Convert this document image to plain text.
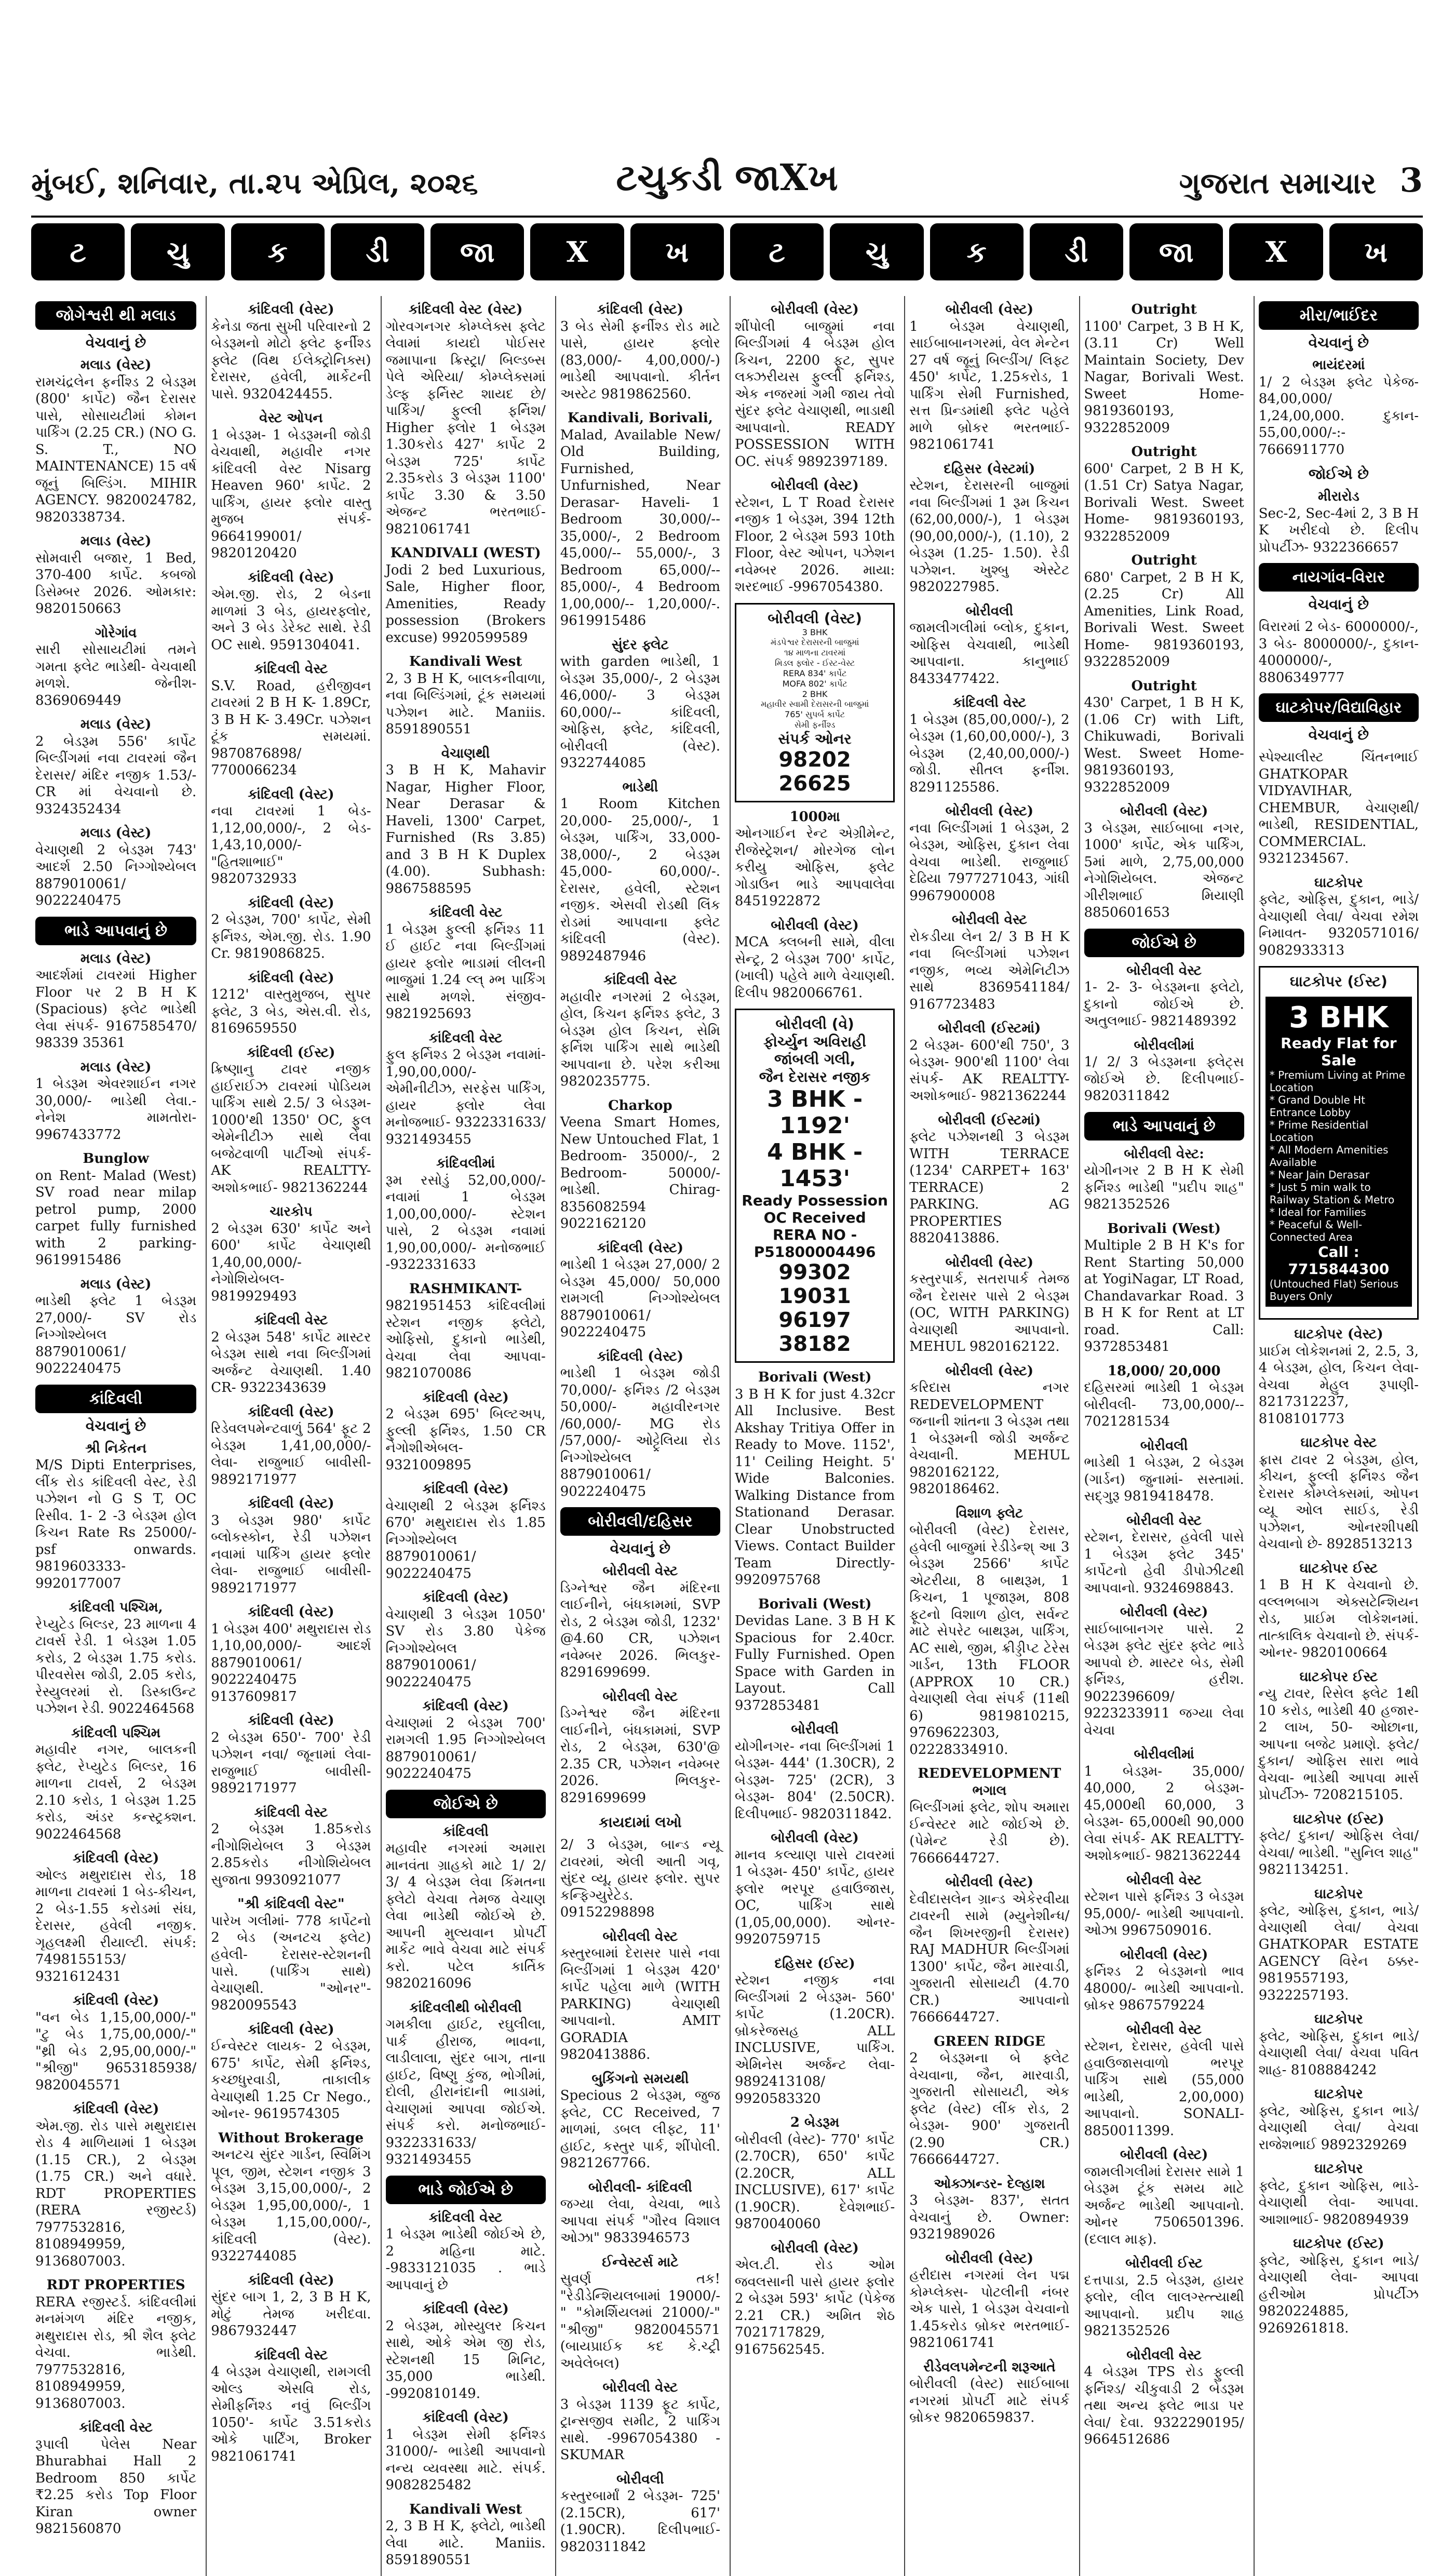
મુંબઈ, શનિવાર, તા.૨૫ એપ્રિલ, ૨૦૨૬	ટચુકડી જાXખ	ગુજરાત સમાચાર 3
ટ	ચુ	ક	ડી	જા	X	ખ	ટ	ચુ	ક	ડી	જા	X	ખ
જોગેશ્વરી થી મલાડ
વેચવાનું છે
મલાડ (વેસ્ટ)
રામચંદ્રલેન ફર્નીશ્ડ 2 બેડરૂમ (800' કાર્પેટ) જૈન દેરાસર પાસે, સોસાયટીમાં કોમન પાર્કિંગ (2.25 CR.) (NO G. S. T., NO MAINTENANCE) 15 વર્ષ જૂનું બિલ્ડિંગ. MIHIR AGENCY. 9820024782, 9820338734.
મલાડ (વેસ્ટ)
સોમવારી બજાર, 1 Bed, 370-400 કાર્પેટ. કબજો ડિસેમ્બર 2026. ઓમકાર: 9820150663
ગોરેગાંવ
સારી સોસાયટીમાં તમને ગમતા ફ્લેટ ભાડેથી- વેચવાથી મળશે. જેનીશ- 8369069449
મલાડ (વેસ્ટ)
2 બેડરૂમ 556' કાર્પેટ બિલ્ડીંગમાં નવા ટાવરમાં જૈન દેરાસર/ મંદિર નજીક 1.53/-CR માં વેચવાનો છે. 9324352434
મલાડ (વેસ્ટ)
વેચાણથી 2 બેડરૂમ 743' આદર્શ 2.50 નિગ્ગોશ્યેબલ 8879010061/ 9022240475
ભાડે આપવાનું છે
મલાડ (વેસ્ટ)
આદર્શમાં ટાવરમાં Higher Floor પર 2 B H K (Spacious) ફ્લેટ ભાડેથી લેવા સંપર્ક- 9167585470/ 98339 35361
મલાડ (વેસ્ટ)
1 બેડરૂમ એવરશાઈન નગર 30,000/- ભાડેથી લેવા.- નેનેશ મામતોરા- 9967433772
Bunglow
on Rent- Malad (West) SV road near milap petrol pump, 2000 carpet fully furnished with 2 parking- 9619915486
મલાડ (વેસ્ટ)
ભાડેથી ફ્લેટ 1 બેડરૂમ 27,000/- SV રોડ નિગ્ગોશ્યેબલ 8879010061/ 9022240475
કાંદિવલી
વેચવાનું છે
શ્રી નિકેતન
M/S Dipti Enterprises, લીંક રોડ કાંદિવલી વેસ્ટ, રેડી પઝેશન નો G S T, OC રિસીવ. 1- 2 -3 બેડરૂમ હોલ કિચન Rate Rs 25000/- psf onwards. 9819603333- 9920177007
કાંદિવલી પશ્ચિમ,
રેપ્યુટેડ બિલ્ડર, 23 માળના 4 ટાવર્સ રેડી. 1 બેડરૂમ 1.05 કરોડ, 2 બેડરૂમ 1.75 કરોડ. પીરવસેસ જોડી, 2.05 કરોડ, રેસ્યુલરમાં રો. ડિસ્કાઉન્ટ પઝેશન રેડી. 9022464568
કાંદિવલી પશ્ચિમ
મહાવીર નગર, બાલકની ફ્લેટ, રેપ્યુટેડ બિલ્ડર, 16 માળના ટાવર્સ, 2 બેડરૂમ 2.10 કરોડ, 1 બેડરૂમ 1.25 કરોડ, અંડર કન્સ્ટ્રક્શન. 9022464568
કાંદિવલી (વેસ્ટ)
ઓલ્ડ મથુરાદાસ રોડ, 18 માળના ટાવરમાં 1 બેડ-કીચન, 2 બેડ-1.55 કરોડમાં સંઘ, દેરાસર, હવેલી નજીક. ગૃહલક્ષ્મી રીયાલ્ટી. સંપર્ક: 7498155153/ 9321612431
કાંદિવલી (વેસ્ટ)
"વન બેડ 1,15,00,000/-" "ટુ બેડ 1,75,00,000/-" "થ્રી બેડ 2,95,00,000/-" "શ્રીજી" 9653185938/ 9820045571
કાંદિવલી (વેસ્ટ)
એમ.જી. રોડ પાસે મથુરાદાસ રોડ 4 માળિયામાં 1 બેડરૂમ (1.15 CR.), 2 બેડરૂમ (1.75 CR.) અને વધારે. RDT PROPERTIES (RERA રજીસ્ટર્ડ) 7977532816, 8108949959, 9136807003.
RDT PROPERTIES
RERA રજીસ્ટર્ડ. કાંદિવલીમાં મનમંગળ મંદિર નજીક, મથુરાદાસ રોડ, શ્રી શૈલ ફ્લેટ વેચવા. ભાડેથી. 7977532816, 8108949959, 9136807003.
કાંદિવલી વેસ્ટ
રૂપાલી પેલેસ Near Bhurabhai Hall 2 Bedroom 850 કાર્પેટ ₹2.25 કરોડ Top Floor Kiran owner 9821560870
કાંદિવલી (વેસ્ટ)
કેનેડા જતા સુખી પરિવારનો 2 બેડરૂમનો મોટો ફ્લેટ ફર્નીશ્ડ ફ્લેટ (વિથ ઈલેક્ટ્રોનિક્સ) દેરાસર, હવેલી, માર્કેટની પાસે. 9320424455.
વેસ્ટ ઓપન
1 બેડરૂમ- 1 બેડરૂમની જોડી વેચવાથી, મહાવીર નગર કાંદિવલી વેસ્ટ Nisarg Heaven 960' કાર્પેટ. 2 પાર્કિંગ, હાયર ફ્લોર વાસ્તુ મુજબ સંપર્ક- 9664199001/ 9820120420
કાંદિવલી (વેસ્ટ)
એમ.જી. રોડ, 2 બેડના માળમાં 3 બેડ, હાયરફ્લોર, અને 3 બેડ ડેરેક્ટ સાથે. રેડી OC સાથે. 9591304041.
કાંદિવલી વેસ્ટ
S.V. Road, હરીજીવન ટાવરમાં 2 B H K- 1.89Cr, 3 B H K- 3.49Cr. પઝેશન ટૂંક સમયમાં. 9870876898/ 7700066234
કાંદિવલી (વેસ્ટ)
નવા ટાવરમાં 1 બેડ- 1,12,00,000/-, 2 બેડ- 1,43,10,000/- "હિતશાભાઈ" 9820732933
કાંદિવલી (વેસ્ટ)
2 બેડરૂમ, 700' કાર્પેટ, સેમી ફર્નિશ્ડ, એમ.જી. રોડ. 1.90 Cr. 9819086825.
કાંદિવલી (વેસ્ટ)
1212' વાસ્તુમુજબ, સુપર ફ્લેટ, 3 બેડ, એસ.વી. રોડ, 8169659550
કાંદિવલી (ઈસ્ટ)
ક્રિષ્ણાનુ ટાવર નજીક હાઈરાઈઝ ટાવરમાં પોડિયમ પાર્કિંગ સાથે 2.5/ 3 બેડરૂમ- 1000'થી 1350' OC, ફુલ એમેનીટીઝ સાથે લેવા બજેટવાળી પાર્ટીઓ સંપર્ક- AK REALTTY- અશોકભાઈ- 9821362244
ચારકોપ
2 બેડરૂમ 630' કાર્પેટ અને 600' કાર્પેટ વેચાણથી 1,40,00,000/- નેગોશિયેબલ- 9819929493
કાંદિવલી વેસ્ટ
2 બેડરૂમ 548' કાર્પેટ માસ્ટર બેડરૂમ સાથે નવા બિલ્ડીંગમાં અર્જન્ટ વેચાણથી. 1.40 CR- 9322343639
કાંદિવલી (વેસ્ટ)
રિડેવલપમેન્ટવાળું 564' ફૂટ 2 બેડરૂમ 1,41,00,000/- લેવા- રાજુભાઈ બાવીસી- 9892171977
કાંદિવલી (વેસ્ટ)
3 બેડરૂમ 980' કાર્પેટ બ્લોકસ્કોન, રેડી પઝેશન નવામાં પાર્કિંગ હાયર ફ્લોર લેવા- રાજુભાઈ બાવીસી- 9892171977
કાંદિવલી (વેસ્ટ)
1 બેડરૂમ 400' મથુરાદાસ રોડ 1,10,00,000/- આદર્શ 8879010061/ 9022240475 9137609817
કાંદિવલી (વેસ્ટ)
2 બેડરૂમ 650'- 700' રેડી પઝેશન નવા/ જૂનામાં લેવા- રાજુભાઈ બાવીસી- 9892171977
કાંદિવલી વેસ્ટ
2 બેડરૂમ 1.85કરોડ નીગોશિયેબલ 3 બેડરૂમ 2.85કરોડ નીગોશિયેબલ સુજાતા 9930921077
"શ્રી કાંદિવલી વેસ્ટ"
પારેખ ગલીમાં- 778 કાર્પેટનો 2 બેડ (અનટચ ફ્લેટ) હવેલી- દેરાસર-સ્ટેશનની પાસે. (પાર્કિંગ સાથે) વેચાણથી. "ઓનર"- 9820095543
કાંદિવલી (વેસ્ટ)
ઈન્વેસ્ટર લાયક- 2 બેડરૂમ, 675' કાર્પેટ, સેમી ફર્નિશ્ડ, કચ્છધુરવાડી, તાકાલીક વેચાણથી 1.25 Cr Nego., ઓનર- 9619574305
Without Brokerage
અનટચ સુંદર ગાર્ડન, સ્વિમિંગ પૂલ, જીમ, સ્ટેશન નજીક 3 બેડરૂમ 3,15,00,000/-, 2 બેડરૂમ 1,95,00,000/-, 1 બેડરૂમ 1,15,00,000/-, કાંદિવલી (વેસ્ટ). 9322744085
કાંદિવલી (વેસ્ટ)
સુંદર બાગ 1, 2, 3 B H K, મોટું તેમજ ખરીદવા. 9867932447
કાંદિવલી વેસ્ટ
4 બેડરૂમ વેચાણથી, રામગલી ઓલ્ડ એસવિ રોડ, સેમીફર્નિશ્ડ નવું બિલ્ડીંગ 1050'- કાર્પેટ 3.51કરોડ ઓકે પાર્ટિંગ, Broker 9821061741
કાંદિવલી વેસ્ટ (વેસ્ટ)
ગોરવગનગર કોમ્પ્લેક્સ ફ્લેટ લેવામાં કાયદો પોઈસર જમાપાના ક્રિસ્ટ્રા/ બિલ્ડબ્સ પેલે એરિયા/ કોમ્પ્લેક્સમાં ડેલ્ફ ફર્નિસ્ટ શાયદ છે/ પાર્કિંગ/ ફુલ્લી ફર્નિશ/ Higher ફ્લોર 1 બેડરૂમ 1.30કરોડ 427' કાર્પેટ 2 બેડરૂમ 725' કાર્પેટ 2.35કરોડ 3 બેડરૂમ 1100' કાર્પેટ 3.30 & 3.50 એજન્ટ ભરતભાઈ- 9821061741
KANDIVALI (WEST)
Jodi 2 bed Luxurious, Sale, Higher floor, Amenities, Ready possession (Brokers excuse) 9920599589
Kandivali West
2, 3 B H K, બાલકનીવાળા, નવા બિલ્ડિંગમાં, ટૂંક સમયમાં પઝેશન માટે. Maniis. 8591890551
વેચાણથી
3 B H K, Mahavir Nagar, Higher Floor, Near Derasar & Haveli, 1300' Carpet, Furnished (Rs 3.85) and 3 B H K Duplex (4.00). Subhash: 9867588595
કાંદિવલી વેસ્ટ
1 બેડરૂમ ફુલ્લી ફર્નિશ્ડ 11 ઈ હાઈટ નવા બિલ્ડીંગમાં હાયર ફ્લોર ભાડામાં લીલની ભાજુમાં 1.24 લ્લ્ મ્ભ પાર્કિંગ સાથે મળશે. સંજીવ- 9821925693
કાંદિવલી વેસ્ટ
ફુલ ફર્નિશ્ડ 2 બેડરૂમ નવામાં- 1,90,00,000/- એમીનીટીઝ, સરફેસ પાર્કિંગ, હાયર ફ્લોર લેવા મનોજભાઈ- 9322331633/ 9321493455
કાંદિવલીમાં
રૂમ રસોડું 52,00,000/- નવામાં 1 બેડરૂમ 1,00,00,000/- સ્ટેશન પાસે, 2 બેડરૂમ નવામાં 1,90,00,000/- મનોજભાઈ -9322331633
RASHMIKANT-
9821951453 કાંદિવલીમાં સ્ટેશન નજીક ફ્લેટો, ઓફિસો, દુકાનો ભાડેથી, વેચવા લેવા આપવા- 9821070086
કાંદિવલી (વેસ્ટ)
2 બેડરૂમ 695' બિલ્ટઅપ, ફુલ્લી ફર્નિશ્ડ, 1.50 CR નેગોશીએબલ- 9321009895
કાંદિવલી (વેસ્ટ)
વેચાણથી 2 બેડરૂમ ફર્નિશ્ડ 670' મથુરાદાસ રોડ 1.85 નિગ્ગોશ્યેબલ 8879010061/ 9022240475
કાંદિવલી (વેસ્ટ)
વેચાણથી 3 બેડરૂમ 1050' SV રોડ 3.80 પેકેજ નિગ્ગોશ્યેબલ 8879010061/ 9022240475
કાંદિવલી (વેસ્ટ)
વેચાણમાં 2 બેડરૂમ 700' રામગલી 1.95 નિગ્ગોશ્યેબલ 8879010061/ 9022240475
જોઈએ છે
કાંદિવલી
મહાવીર નગરમાં અમારા માનવંતા ગ્રાહકો માટે 1/ 2/ 3/ 4 બેડરૂમ લેવા કિંમતના ફ્લેટો વેચવા તેમજ વેચાણ લેવા ભાડેથી જોઈએ છે. આપની મુલ્યવાન પ્રોપર્ટી માર્કેટ ભાવે વેચવા માટે સંપર્ક કરો. પટેલ કાર્તિક 9820216096
કાંદિવલીથી બોરીવલી
ગમકીલા હાઈટ, રઘુલીલા, પાર્ક હીરાજ, ભાવના, લાડીલાલા, સુંદર બાગ, તાના હાઈટ, વિષ્ણુ કુંજ, ભોગીમાં, દોલી, હીરાનંદાની ભાડામાં, વેચાણમાં આપવા જોઈએ. સંપર્ક કરો. મનોજભાઈ- 9322331633/ 9321493455
ભાડે જોઈએ છે
કાંદિવલી વેસ્ટ
1 બેડરૂમ ભાડેથી જોઈએ છે, 2 મહિના માટે. -9833121035 . ભાડે આપવાનું છે
કાંદિવલી (વેસ્ટ)
2 બેડરૂમ, મોસ્યુલર કિચન સાથે, ઓકે એમ જી રોડ, સ્ટેશનથી 15 મિનિટ, 35,000 ભાડેથી. -9920810149.
કાંદિવલી (વેસ્ટ)
1 બેડરૂમ સેમી ફર્નિશ્ડ 31000/- ભાડેથી આપવાનો નન્ય વ્યવસ્થા માટે. સંપર્ક. 9082825482
Kandivali West
2, 3 B H K, ફ્લેટો, ભાડેથી લેવા માટે. Maniis. 8591890551
કાંદિવલી (વેસ્ટ)
3 બેડ સેમી ફર્નીશ્ડ રોડ માટે પાસે, હાયર ફ્લોર (83,000/- 4,00,000/-) ભાડેથી આપવાનો. કીર્તન અસ્ટેટ 9819862560.
Kandivali, Borivali,
Malad, Available New/ Old Building, Furnished, Unfurnished, Near Derasar- Haveli- 1 Bedroom 30,000/-- 35,000/-, 2 Bedroom 45,000/-- 55,000/-, 3 Bedroom 65,000/-- 85,000/-, 4 Bedroom 1,00,000/-- 1,20,000/-. 9619915486
સુંદર ફ્લેટ
with garden ભાડેથી, 1 બેડરૂમ 35,000/-, 2 બેડરૂમ 46,000/- 3 બેડરૂમ 60,000/-- કાંદિવલી, ઓફિસ, ફ્લેટ, કાંદિવલી, બોરીવલી (વેસ્ટ). 9322744085
ભાડેથી
1 Room Kitchen 20,000- 25,000/-, 1 બેડરૂમ, પાર્કિંગ, 33,000- 38,000/-, 2 બેડરૂમ 45,000- 60,000/-. દેરાસર, હવેલી, સ્ટેશન નજીક. એસવી રોડથી લિંક રોડમાં આપવાના ફ્લેટ કાંદિવલી (વેસ્ટ). 9892487946
કાંદિવલી વેસ્ટ
મહાવીર નગરમાં 2 બેડરૂમ, હોલ, કિચન ફર્નિશ્ડ ફ્લેટ, 3 બેડરૂમ હોલ કિચન, સેમિ ફર્નિશ પાર્કિંગ સાથે ભાડેથી આપવાના છે. પરેશ કરીઆ 9820235775.
Charkop
Veena Smart Homes, New Untouched Flat, 1 Bedroom- 35000/-, 2 Bedroom- 50000/- ભાડેથી. Chirag- 8356082594 9022162120
કાંદિવલી (વેસ્ટ)
ભાડેથી 1 બેડરૂમ 27,000/ 2 બેડરૂમ 45,000/ 50,000 રામગલી નિગ્ગોશ્યેબલ 8879010061/ 9022240475
કાંદિવલી (વેસ્ટ)
ભાડેથી 1 બેડરૂમ જોડી 70,000/- ફર્નિશ્ડ /2 બેડરૂમ 50,000/- મહાવીરનગર /60,000/- MG રોડ /57,000/- ઓટ્ટ્રેલિયા રોડ નિગ્ગોશ્યેબલ 8879010061/ 9022240475
બોરીવલી/દહિસર
વેચવાનું છે
બોરીવલી વેસ્ટ
ડિગ્નેશ્વર જૈન મંદિરના લાઈનીને, બંધકામમાં, SVP રોડ, 2 બેડરૂમ જોડી, 1232' @4.60 CR, પઝેશન નવેમ્બર 2026. ભિલકુર- 8291699699.
બોરીવલી વેસ્ટ
ડિગ્નેશ્વર જૈન મંદિરના લાઈનીને, બંધકામમાં, SVP રોડ, 2 બેડરૂમ, 630'@ 2.35 CR, પઝેશન નવેમ્બર 2026. ભિલકુર- 8291699699
કાયદામાં લખો
2/ 3 બેડરૂમ, બાન્ડ ન્યૂ ટાવરમાં, એલી આતી ગવૃ, સુંદર વ્યૂ, હાયર ફ્લોર. સુપર કન્ફિગ્યુરેટેડ. 09152298898
બોરીવલી વેસ્ટ
ક્સ્તુરબામાં દેરાસર પાસે નવા બિલ્ડીંગમાં 1 બેડરૂમ 420' કાર્પેટ પહેલા માળે (WITH PARKING) વેચાણથી આપવાનો. AMIT GORADIA 9820413886.
બુકિંગનો સમયથી
Specious 2 બેડરૂમ, જુજ ફ્લેટ, CC Received, 7 માળમાં, ડબલ લીફ્ટ, 11' હાઈટ, કસ્તુર પાર્ક, શીંપોલી. 9821267766.
બોરીવલી- કાંદિવલી
જગ્યા લેવા, વેચવા, ભાડે આપવા સંપર્ક "ગૌરવ વિશાલ ઓઝા" 9833946573
ઈન્વેસ્ટર્સ માટે
સુવર્ણ તક! "રેડીડેન્શિયલબામાં 19000/-" "કોમર્શિયલમાં 21000/-" "શ્રીજી" 9820045571 (બાયપ્રાઈક કદ કે.ચ્ટ્રી અવેલેબલ)
બોરીવલી વેસ્ટ
3 બેડરૂમ 1139 ફૂટ કાર્પેટ, ટ્રાન્સજીવ સમીટ, 2 પાર્કિંગ સાથે. -9967054380 - SKUMAR
બોરીવલી
કસ્તુરબાર્માં 2 બેડરૂમ- 725' (2.15CR), 617' (1.90CR). દિલીપભાઈ- 9820311842
બોરીવલી (વેસ્ટ)
શીંપોલી બાજુમાં નવા બિલ્ડીંગમાં 4 બેડરૂમ હોલ કિચન, 2200 ફૂટ, સુપર લક્ઝરીયસ ફુલ્લી ફર્નિશ્ડ, એક નજરમાં ગમી જાય તેવો સુંદર ફ્લેટ વેચાણથી, ભાડાથી આપવાનો. READY POSSESSION WITH OC. સંપર્ક 9892397189.
બોરીવલી (વેસ્ટ)
સ્ટેશન, L T Road દેરાસર નજીક 1 બેડરૂમ, 394 12th Floor, 2 બેડરૂમ 593 10th Floor, વેસ્ટ ઓપન, પઝેશન નવેમ્બર 2026. માયા: શરદભાઈ -9967054380.
બોરીવલી (વેસ્ટ)
3 BHK
મંડપેશ્વર દેરાસરની બાજુમાં
૧૪ માળના ટાવરમાં
મિડલ ફ્લોર - ઈસ્ટ-વેસ્ટ
RERA 834' કાર્પેટ
MOFA 802' કાર્પેટ
2 BHK
મહાવીર સ્વામી દેરાસરની બાજુમાં
765' સુપર્બ કાર્પેટ
સેમી ફર્નીશ્ડ
સંપર્ક ઓનર
98202 26625
1000મા
ઓનગાઈન રેન્ટ એગ્રીમેન્ટ, રીજેસ્ટ્રેશન/ મોરગેજ લોન કરીયુ ઓફિસ, ફ્લેટ ગોડાઉન ભાડે આપવાલેવા 8451922872
બોરીવલી (વેસ્ટ)
MCA ક્લબની સામે, વીલા સેન્ટ્ર, 2 બેડરૂમ 700' કાર્પેટ, (ખાલી) પહેલે માળે વેચાણથી. દિલીપ 9820066761.
બોરીવલી (વે)
ફોર્ચ્યુન અવિરાહી
જાંબલી ગલી,
જૈન દેરાસર નજીક
3 BHK - 1192'
4 BHK - 1453'
Ready Possession
OC Received
RERA NO - P51800004496
99302 19031
96197 38182
Borivali (West)
3 B H K for just 4.32cr All Inclusive. Best Akshay Tritiya Offer in Ready to Move. 1152', 11' Ceiling Height. 5' Wide Balconies. Walking Distance from Stationand Derasar. Clear Unobstructed Views. Contact Builder Team Directly- 9920975768
Borivali (West)
Devidas Lane. 3 B H K Spacious for 2.40cr. Fully Furnished. Open Space with Garden in Layout. Call 9372853481
બોરીવલી
યોગીનગર- નવા બિલ્ડીંગમાં 1 બેડરૂમ- 444' (1.30CR), 2 બેડરૂમ- 725' (2CR), 3 બેડરૂમ- 804' (2.50CR). દિલીપભાઈ- 9820311842.
બોરીવલી (વેસ્ટ)
માનવ કલ્યાણ પાસે ટાવરમાં 1 બેડરૂમ- 450' કાર્પેટ, હાયર ફ્લોર ભરપૂર હવાઉજાસ, OC, પાર્કિંગ સાથે (1,05,00,000). ઓનર- 9920759715
દહિસર (ઈસ્ટ)
સ્ટેશન નજીક નવા બિલ્ડીંગમાં 2 બેડરૂમ- 560' કાર્પેટ (1.20CR). બ્રોકરેજસહ ALL INCLUSIVE, પાર્કિંગ. એમિનેસ અર્જન્ટ લેવા- 9892413108/ 9920583320
2 બેડરૂમ
બોરીવલી (વેસ્ટ)- 770' કાર્પેટ (2.70CR), 650' કાર્પેટ (2.20CR, ALL INCLUSIVE), 617' કાર્પેટ (1.90CR). દેવેશભાઈ- 9870040060
બોરીવલી (વેસ્ટ)
એલ.ટી. રોડ ઓમ જવલસાની પાસે હાયર ફ્લોર 2 બેડરૂમ 593' કાર્પેટ (પેકેજ 2.21 CR.) અમિત શેઠ 7021717829, 9167562545.
બોરીવલી (વેસ્ટ)
1 બેડરૂમ વેચાણથી, સાઈબાબાનગરમાં, વેલ મેન્ટેન 27 વર્ષ જૂનું બિલ્ડીંગ/ લિફ્ટ 450' કાર્પેટ, 1.25કરોડ, 1 પાર્કિંગ સેમી Furnished, સત્ત પ્રિન્ડમાંથી ફ્લેટ પહેલે માળે બ્રોકર ભરતભાઈ- 9821061741
દહિસર (વેસ્ટમાં)
સ્ટેશન, દેરાસરની બાજુમાં નવા બિલ્ડીંગમાં 1 રૂમ કિચન (62,00,000/-), 1 બેડરૂમ (90,00,000/-), (1.10), 2 બેડરૂમ (1.25- 1.50). રેડી પઝેશન. ખુશ્બુ એસ્ટેટ 9820227985.
બોરીવલી
જામલીગલીમાં બ્લોક, દુકાન, ઓફિસ વેચવાથી, ભાડેથી આપવાના. કાનુભાઈ 8433477422.
કાંદિવલી વેસ્ટ
1 બેડરૂમ (85,00,000/-), 2 બેડરૂમ (1,60,00,000/-), 3 બેડરૂમ (2,40,00,000/-) જોડી. સીતલ ફર્નીશ. 8291125586.
બોરીવલી (વેસ્ટ)
નવા બિલ્ડીંગમાં 1 બેડરૂમ, 2 બેડરૂમ, ઓફિસ, દુકાન લેવા વેચવા ભાડેથી. રાજુભાઈ દેઢિયા 7977271043, ગાંધી 9967900008
બોરીવલી વેસ્ટ
રોકડીયા લેન 2/ 3 B H K નવા બિલ્ડીંગમાં પઝેશન નજીક, ભવ્ય એમેનિટીઝ સાથે 8369541184/ 9167723483
બોરીવલી (ઈસ્ટમાં)
2 બેડરૂમ- 600'થી 750', 3 બેડરૂમ- 900'થી 1100' લેવા સંપર્ક- AK REALTTY- અશોકભાઈ- 9821362244
બોરીવલી (ઈસ્ટમાં)
ફ્લેટ પઝેશનથી 3 બેડરૂમ WITH TERRACE (1234' CARPET+ 163' TERRACE) 2 PARKING. AG PROPERTIES 8820413886.
બોરીવલી (વેસ્ટ)
કસ્તુરપાર્ક, સતરાપાર્ક તેમજ જૈન દેરાસર પાસે 2 બેડરૂમ (OC, WITH PARKING) વેચાણથી આપવાનો. MEHUL 9820162122.
બોરીવલી (વેસ્ટ)
કરિદાસ નગર REDEVELOPMENT જનાની શાંતના 3 બેડરૂમ તથા 1 બેડરૂમની જોડી અર્જન્ટ વેચવાની. MEHUL 9820162122, 9820186462.
વિશાળ ફ્લેટ
બોરીવલી (વેસ્ટ) દેરાસર, હવેલી બાજુમાં રેડીડેન્શ્ આ 3 બેડરૂમ 2566' કાર્પેટ એટરીયા, 8 બાથરૂમ, 1 કિચન, 1 પૂજારૂમ, 808 ફૂટનો વિશાળ હોલ, સર્વન્ટ માટે સેપરેટ બાથરૂમ, પાર્કિંગ, AC સાથે, જીમ, ક્રીડ્ડીપ્ટ ટેરેસ ગાર્ડન, 13th FLOOR (APPROX 10 CR.) વેચાણથી લેવા સંપર્ક (11થી 6) 9819810215, 9769622303, 02228334910.
REDEVELOPMENT ભગાલ
બિલ્ડીંગમાં ફ્લેટ, શોપ અમારા ઈન્વેસ્ટર માટે જોઈએ છે. (પેમેન્ટ રેડી છે). 7666644727.
બોરીવલી (વેસ્ટ)
દેવીદાસલેન ગ્રાન્ડ એકેરવીયા ટાવરની સામે (મ્યુનેશીન્ધ/ જૈન શિખરજીની દેરાસર) RAJ MADHUR બિલ્ડીંગમાં 1300' કાર્પેટ, જૈન મારવાડી, ગુજરાતી સોસાયટી (4.70 CR.) આપવાનો 7666644727.
GREEN RIDGE
2 બેડરૂમના બે ફ્લેટ વેચવાના, જૈન, મારવાડી, ગુજરાતી સોસાયટી, એક ફ્લેટ (વેસ્ટ) લીંક રોડ, 2 બેડરૂમ- 900' ગુજરાતી (2.90 CR.) 7666644727.
ઓક્ઝાન્ડર- દેલ્હાશ
3 બેડરૂમ- 837', સતત વેચવાનું છે. Owner: 9321989026
બોરીવલી (વેસ્ટ)
હરીદાસ નગરમાં લેન પદ્મ કોમ્પ્લેક્સ- પોટલીની નંબર એક પાસે, 1 બેડરૂમ વેચવાનો 1.45કરોડ બ્રોકર ભરતભાઈ- 9821061741
રીડેવલપમેન્ટની શરૂઆતે
બોરીવલી (વેસ્ટ) સાઈબાબા નગરમાં પ્રોપર્ટી માટે સંપર્ક બ્રોકર 9820659837.
Outright
1100' Carpet, 3 B H K, (3.11 Cr) Well Maintain Society, Dev Nagar, Borivali West. Sweet Home- 9819360193, 9322852009
Outright
600' Carpet, 2 B H K, (1.51 Cr) Satya Nagar, Borivali West. Sweet Home- 9819360193, 9322852009
Outright
680' Carpet, 2 B H K, (2.25 Cr) All Amenities, Link Road, Borivali West. Sweet Home- 9819360193, 9322852009
Outright
430' Carpet, 1 B H K, (1.06 Cr) with Lift, Chikuwadi, Borivali West. Sweet Home- 9819360193, 9322852009
બોરીવલી (વેસ્ટ)
3 બેડરૂમ, સાઈબાબા નગર, 1000' કાર્પેટ, એક પાર્કિંગ, 5માં માળે, 2,75,00,000 નેગોશિયેબલ. એજન્ટ ગીરીશભાઈ મિયાણી 8850601653
જોઈએ છે
બોરીવલી વેસ્ટ
1- 2- 3- બેડરૂમના ફ્લેટો, દુકાનો જોઈએ છે. અતુલભાઈ- 9821489392
બોરીવલીમાં
1/ 2/ 3 બેડરૂમના ફ્લેટ્સ જોઈએ છે. દિલીપભાઈ- 9820311842
ભાડે આપવાનું છે
બોરીવલી વેસ્ટ:
યોગીનગર 2 B H K સેમી ફર્નિશ્ડ ભાડેથી "પ્રદીપ શાહ" 9821352526
Borivali (West)
Multiple 2 B H K's for Rent Starting 50,000 at YogiNagar, LT Road, Chandavarkar Road. 3 B H K for Rent at LT road. Call: 9372853481
18,000/ 20,000
દહિસરમાં ભાડેથી 1 બેડરૂમ બોરીવલી- 73,00,000/-- 7021281534
બોરીવલી
ભાડેથી 1 બેડરૂમ, 2 બેડરૂમ (ગાર્ડન) જુનામાં- સસ્તામાં. સદ્ગુરૂ 9819418478.
બોરીવલી વેસ્ટ
સ્ટેશન, દેરાસર, હવેલી પાસે 1 બેડરૂમ ફ્લેટ 345' કાર્પેટનો હેવી ડીપોઝીટથી આપવાનો. 9324698843.
બોરીવલી (વેસ્ટ)
સાઈબાબાનગર પાસે. 2 બેડરૂમ ફ્લેટ સુંદર ફ્લેટ ભાડે આપવો છે. માસ્ટર બેડ, સેમી ફર્નિશ્ડ, હરીશ. 9022396609/ 9223233911 જગ્યા લેવા વેચવા
બોરીવલીમાં
1 બેડરૂમ- 35,000/ 40,000, 2 બેડરૂમ- 45,000થી 60,000, 3 બેડરૂમ- 65,000થી 90,000 લેવા સંપર્ક- AK REALTTY- અશોકભાઈ- 9821362244
બોરીવલી વેસ્ટ
સ્ટેશન પાસે ફર્નિશ્ડ 3 બેડરૂમ 95,000/- ભાડેથી આપવાનો. ઓઝા 9967509016.
બોરીવલી (વેસ્ટ)
ફર્નિશ્ડ 2 બેડરૂમનો ભાવ 48000/- ભાડેથી આપવાનો. બ્રોકર 9867579224
બોરીવલી વેસ્ટ
સ્ટેશન, દેરાસર, હવેલી પાસે હવાઉજાસવાળો ભરપૂર પાર્કિંગ સાથે (55,000 ભાડેથી, 2,00,000) આપવાનો. SONALI- 8850011399.
બોરીવલી (વેસ્ટ)
જામલીગલીમાં દેરાસર સામે 1 બેડરૂમ ટૂંક સમય માટે અર્જન્ટ ભાડેથી આપવાનો. ઓનર 7506501396. (દલાલ માફ).
બોરીવલી ઈસ્ટ
દત્તપાડા, 2.5 બેડરૂમ, હાયર ફ્લોર, લીલ લાલગ્સ્ત્ત્યાથી આપવાનો. પ્રદીપ શાહ 9821352526
બોરીવલી વેસ્ટ
4 બેડરૂમ TPS રોડ ફુલ્લી ફર્નિશ્ડ/ ચીકુવાડી 2 બેડરૂમ તથા અન્ય ફ્લેટ ભાડા પર લેવા/ દેવા. 9322290195/ 9664512686
મીરા/ભાઈંદર
વેચવાનું છે
ભાયંદરમાં
1/ 2 બેડરૂમ ફ્લેટ પેકેજ- 84,00,000/ 1,24,00,000. દુકાન- 55,00,000/-:- 7666911770
જોઈએ છે
મીરારોડ
Sec-2, Sec-4માં 2, 3 B H K ખરીદવો છે. દિલીપ પ્રોપર્ટીઝ- 9322366657
નાયગાંવ-વિરાર
વેચવાનું છે
વિરારમાં 2 બેડ- 6000000/-, 3 બેડ- 8000000/-, દુકાન- 4000000/-, 8806349777
ઘાટકોપર/વિદ્યાવિહાર
વેચવાનું છે
સ્પેશ્યાલીસ્ટ ચિંતનભાઈ GHATKOPAR VIDYAVIHAR, CHEMBUR, વેચાણથી/ ભાડેથી, RESIDENTIAL, COMMERCIAL. 9321234567.
ઘાટકોપર
ફ્લેટ, ઓફિસ, દુકાન, ભાડે/ વેચાણથી લેવા/ વેચવા રમેશ નિમાવત- 9320571016/ 9082933313
ઘાટકોપર (ઈસ્ટ)
3 BHK
Ready Flat for Sale
* Premium Living at Prime Location
* Grand Double Ht Entrance Lobby
* Prime Residential Location
* All Modern Amenities Available
* Near Jain Derasar
* Just 5 min walk to Railway Station & Metro
* Ideal for Families
* Peaceful & Well-Connected Area
Call : 7715844300
(Untouched Flat) Serious Buyers Only
ઘાટકોપર (વેસ્ટ)
પ્રાઈમ લોકેશનમાં 2, 2.5, 3, 4 બેડરૂમ, હોલ, કિચન લેવા- વેચવા મેહુલ રૂપાણી- 8217312237, 8108101773
ઘાટકોપર વેસ્ટ
ફ્રાસ ટાવર 2 બેડરૂમ, હોલ, કીચન, ફુલ્લી ફર્નિશ્ડ જૈન દેરાસર કોમ્પ્લેક્સમાં, ઓપન વ્યૂ ઓલ સાઈડ, રેડી પઝેશન, ઓનરશીપથી વેચવાનો છે- 8928513213
ઘાટકોપર ઈસ્ટ
1 B H K વેચવાનો છે. વલ્લભબાગ એક્સટેન્શિયન રોડ, પ્રાઈમ લોકેશનમાં. તાત્કાલિક વેચવાનો છે. સંપર્ક- ઓનર- 9820100664
ઘાટકોપર ઈસ્ટ
ન્યુ ટાવર, રિસેલ ફ્લેટ 1થી 10 કરોડ, ભાડેથી 40 હજાર- 2 લાખ, 50- ઓછાના, આપના બજેટ પ્રમાણે. ફ્લેટ/ દુકાન/ ઓફિસ સારા ભાવે વેચવા- ભાડેથી આપવા માર્સ પ્રોપર્ટીઝ- 7208215105.
ઘાટકોપર (ઈસ્ટ)
ફ્લેટ/ દુકાન/ ઓફિસ લેવા/ વેચવા/ ભાડેથી. "સુનિલ શાહ" 9821134251.
ઘાટકોપર
ફ્લેટ, ઓફિસ, દુકાન, ભાડે/ વેચાણથી લેવા/ વેચવા GHATKOPAR ESTATE AGENCY વિરેન ઠક્કર- 9819557193, 9322257193.
ઘાટકોપર
ફ્લેટ, ઓફિસ, દુકાન ભાડે/ વેચાણથી લેવા/ વેચવા પવિત શાહ- 8108884242
ઘાટકોપર
ફ્લેટ, ઓફિસ, દુકાન ભાડે/ વેચાણથી લેવા/ વેચવા રાજેશભાઈ 9892329269
ઘાટકોપર
ફ્લેટ, દુકાન ઓફિસ, ભાડે- વેચાણથી લેવા- આપવા. આશાભાઈ- 9820894939
ઘાટકોપર (ઈસ્ટ)
ફ્લેટ, ઓફિસ, દુકાન ભાડે/ વેચાણથી લેવા- આપવા હરીઓમ પ્રોપર્ટીઝ 9820224885, 9269261818.
